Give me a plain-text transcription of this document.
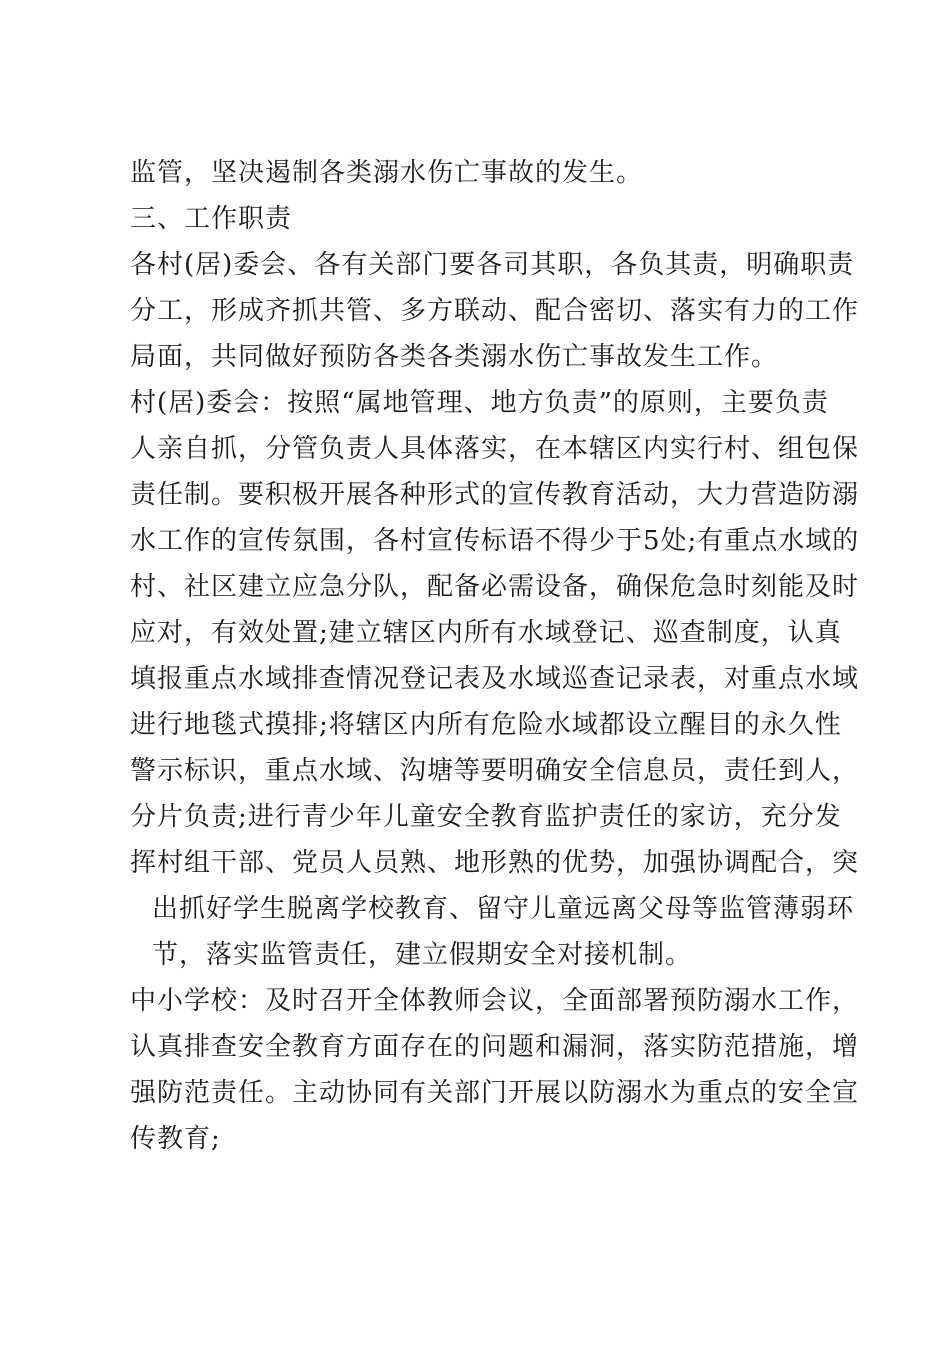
监管，坚决遏制各类溺水伤亡事故的发生。
三、工作职责
各村(居)委会、各有关部门要各司其职，各负其责，明确职责
分工，形成齐抓共管、多方联动、配合密切、落实有力的工作
局面，共同做好预防各类各类溺水伤亡事故发生工作。
村(居)委会：按照“属地管理、地方负责”的原则，主要负责
人亲自抓，分管负责人具体落实，在本辖区内实行村、组包保
责任制。要积极开展各种形式的宣传教育活动，大力营造防溺
水工作的宣传氛围，各村宣传标语不得少于5处;有重点水域的
村、社区建立应急分队，配备必需设备，确保危急时刻能及时
应对，有效处置;建立辖区内所有水域登记、巡查制度，认真
填报重点水域排查情况登记表及水域巡查记录表，对重点水域
进行地毯式摸排;将辖区内所有危险水域都设立醒目的永久性
警示标识，重点水域、沟塘等要明确安全信息员，责任到人，
分片负责;进行青少年儿童安全教育监护责任的家访，充分发
挥村组干部、党员人员熟、地形熟的优势，加强协调配合，突
出抓好学生脱离学校教育、留守儿童远离父母等监管薄弱环
节，落实监管责任，建立假期安全对接机制。
中小学校：及时召开全体教师会议，全面部署预防溺水工作，
认真排查安全教育方面存在的问题和漏洞，落实防范措施，增
强防范责任。主动协同有关部门开展以防溺水为重点的安全宣
传教育;
